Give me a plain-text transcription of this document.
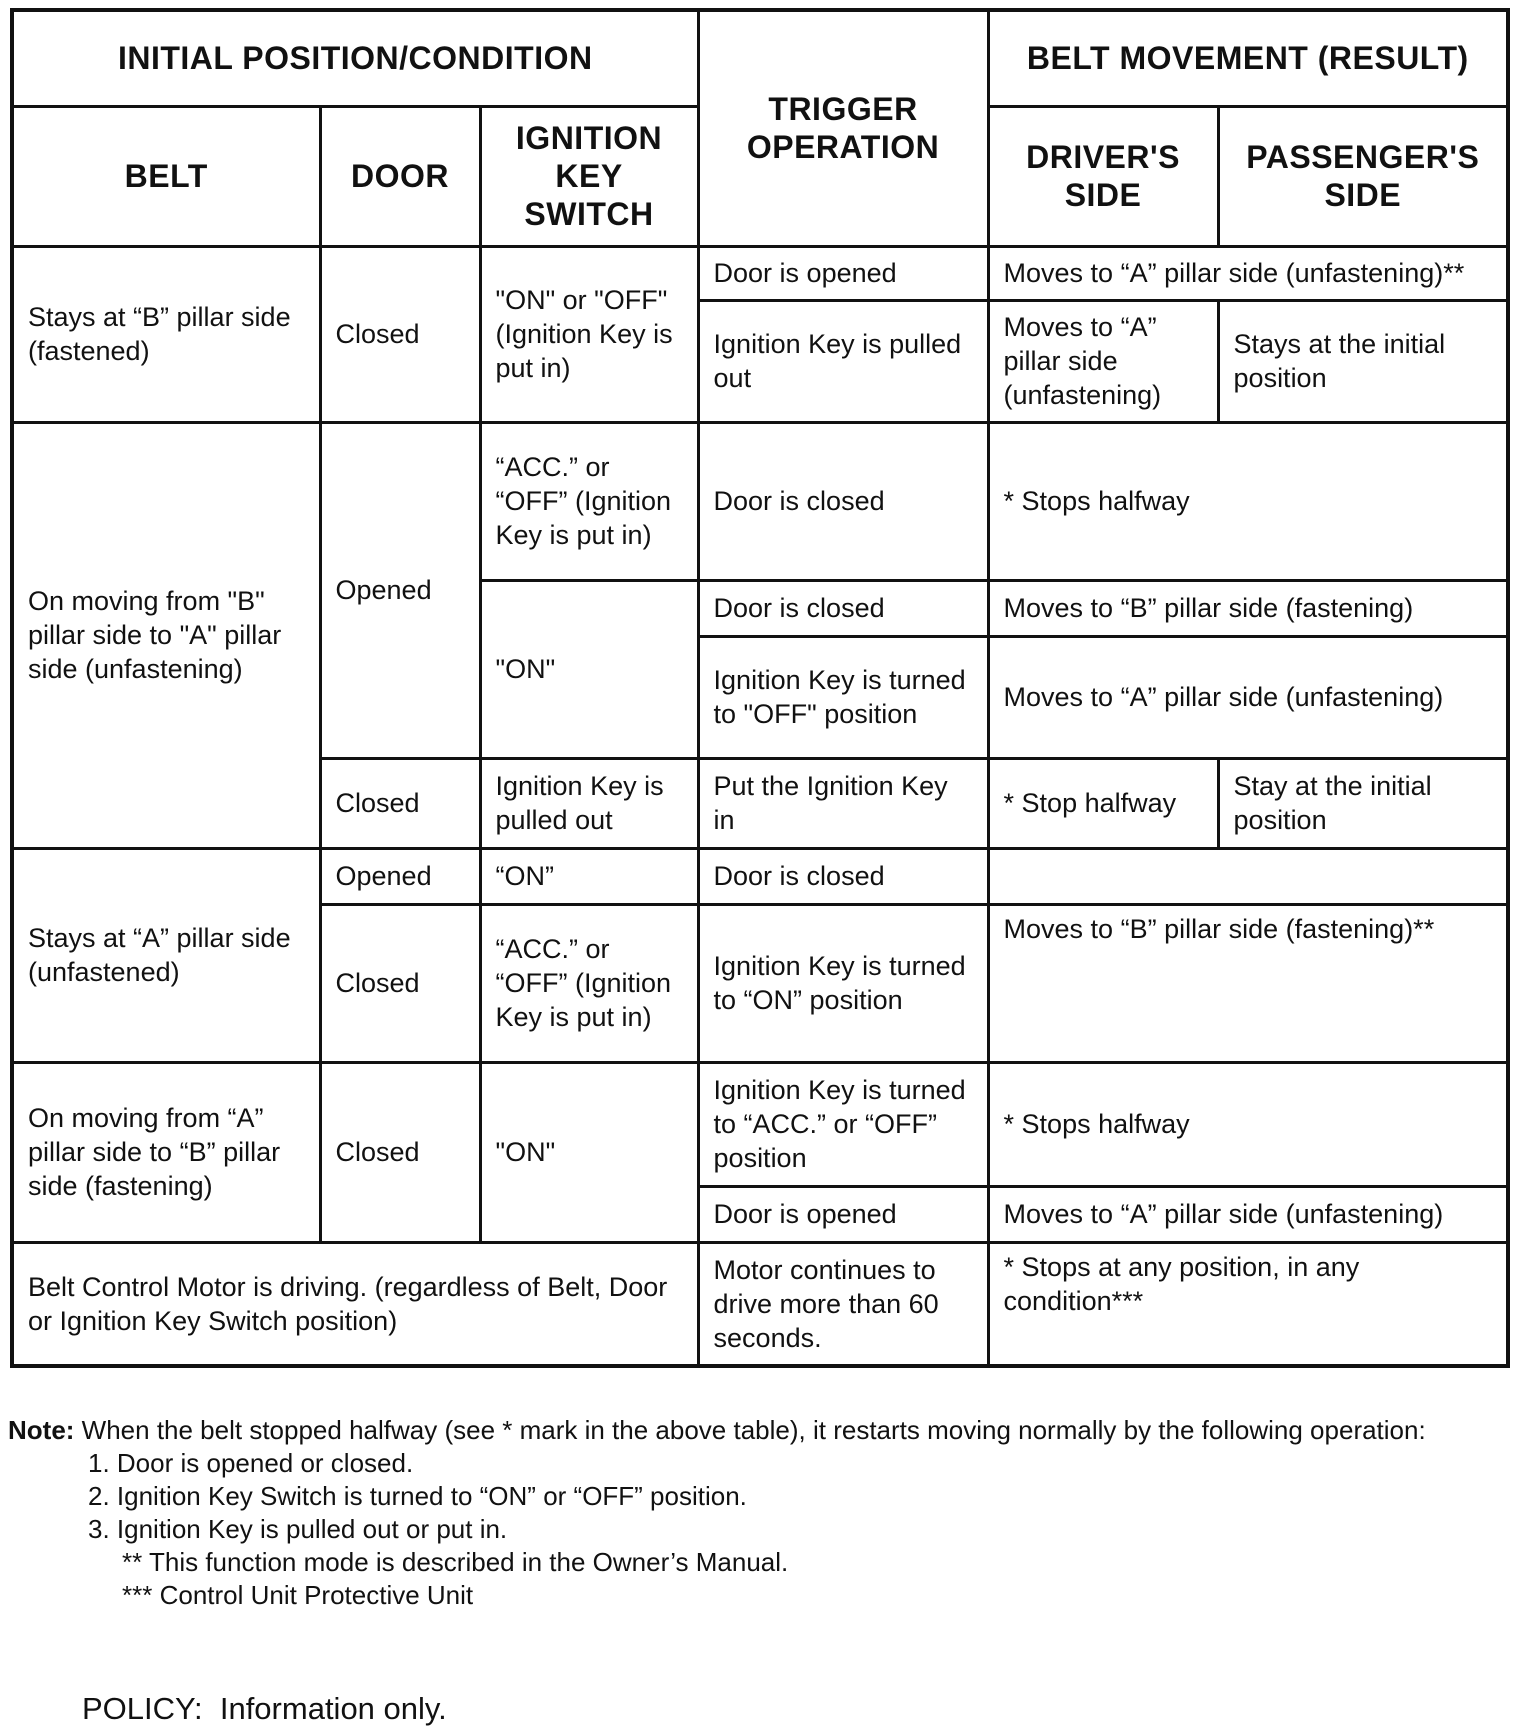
INITIAL POSITION/CONDITION			TRIGGER OPERATION	BELT MOVEMENT (RESULT)	
BELT	DOOR	IGNITION KEY SWITCH		DRIVER'S SIDE	PASSENGER'S SIDE
Stays at “B” pillar side (fastened)	Closed	"ON" or "OFF" (Ignition Key is put in)	Door is opened	Moves to “A” pillar side (unfastening)**	
			Ignition Key is pulled out	Moves to “A” pillar side (unfastening)	Stays at the initial position
On moving from "B" pillar side to "A" pillar side (unfastening)	Opened	“ACC.” or “OFF” (Ignition Key is put in)	Door is closed	* Stops halfway	
		"ON"	Door is closed	Moves to “B” pillar side (fastening)	
			Ignition Key is turned to "OFF" position	Moves to “A” pillar side (unfastening)	
	Closed	Ignition Key is pulled out	Put the Ignition Key in	* Stop halfway	Stay at the initial position
Stays at “A” pillar side (unfastened)	Opened	“ON”	Door is closed		
	Closed	“ACC.” or “OFF” (Ignition Key is put in)	Ignition Key is turned to “ON” position	Moves to “B” pillar side (fastening)**	
On moving from “A” pillar side to “B” pillar side (fastening)	Closed	"ON"	Ignition Key is turned to “ACC.” or “OFF” position	* Stops halfway	
			Door is opened	Moves to “A” pillar side (unfastening)	
Belt Control Motor is driving. (regardless of Belt, Door or Ignition Key Switch position)			Motor continues to drive more than 60 seconds.	* Stops at any position, in any condition***	
Note: When the belt stopped halfway (see * mark in the above table), it restarts moving normally by the following operation:
1. Door is opened or closed.
2. Ignition Key Switch is turned to “ON” or “OFF” position.
3. Ignition Key is pulled out or put in.
** This function mode is described in the Owner’s Manual.
*** Control Unit Protective Unit
POLICY: Information only.
